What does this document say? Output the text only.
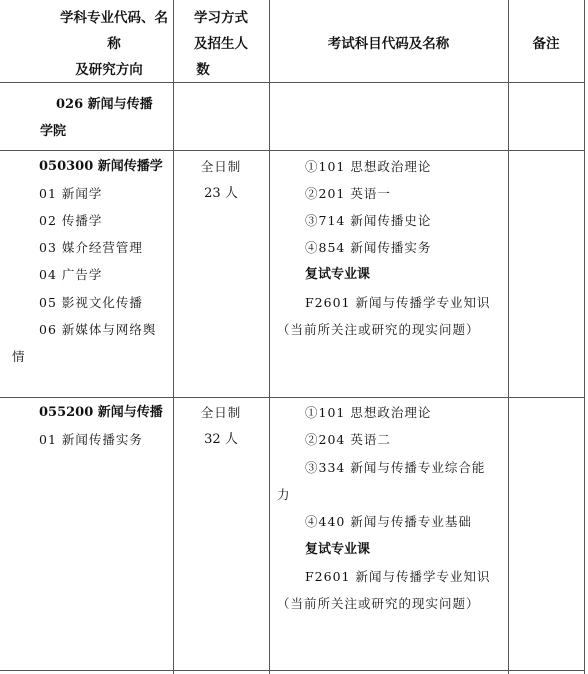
学科专业代码、名
称
及研究方向
学习方式
及招生人
数
考试科目代码及名称	备注
026 新闻与传播
学院
050300 新闻传播学
01 新闻学
02 传播学
03 媒介经营管理
04 广告学
05 影视文化传播
06 新媒体与网络舆
情
全日制
23 人
①101 思想政治理论
②201 英语一
③714 新闻传播史论
④854 新闻传播实务
复试专业课
F2601 新闻与传播学专业知识
（当前所关注或研究的现实问题）
055200 新闻与传播
01 新闻传播实务
全日制
32 人
①101 思想政治理论
②204 英语二
③334 新闻与传播专业综合能
力
④440 新闻与传播专业基础
复试专业课
F2601 新闻与传播学专业知识
（当前所关注或研究的现实问题）
